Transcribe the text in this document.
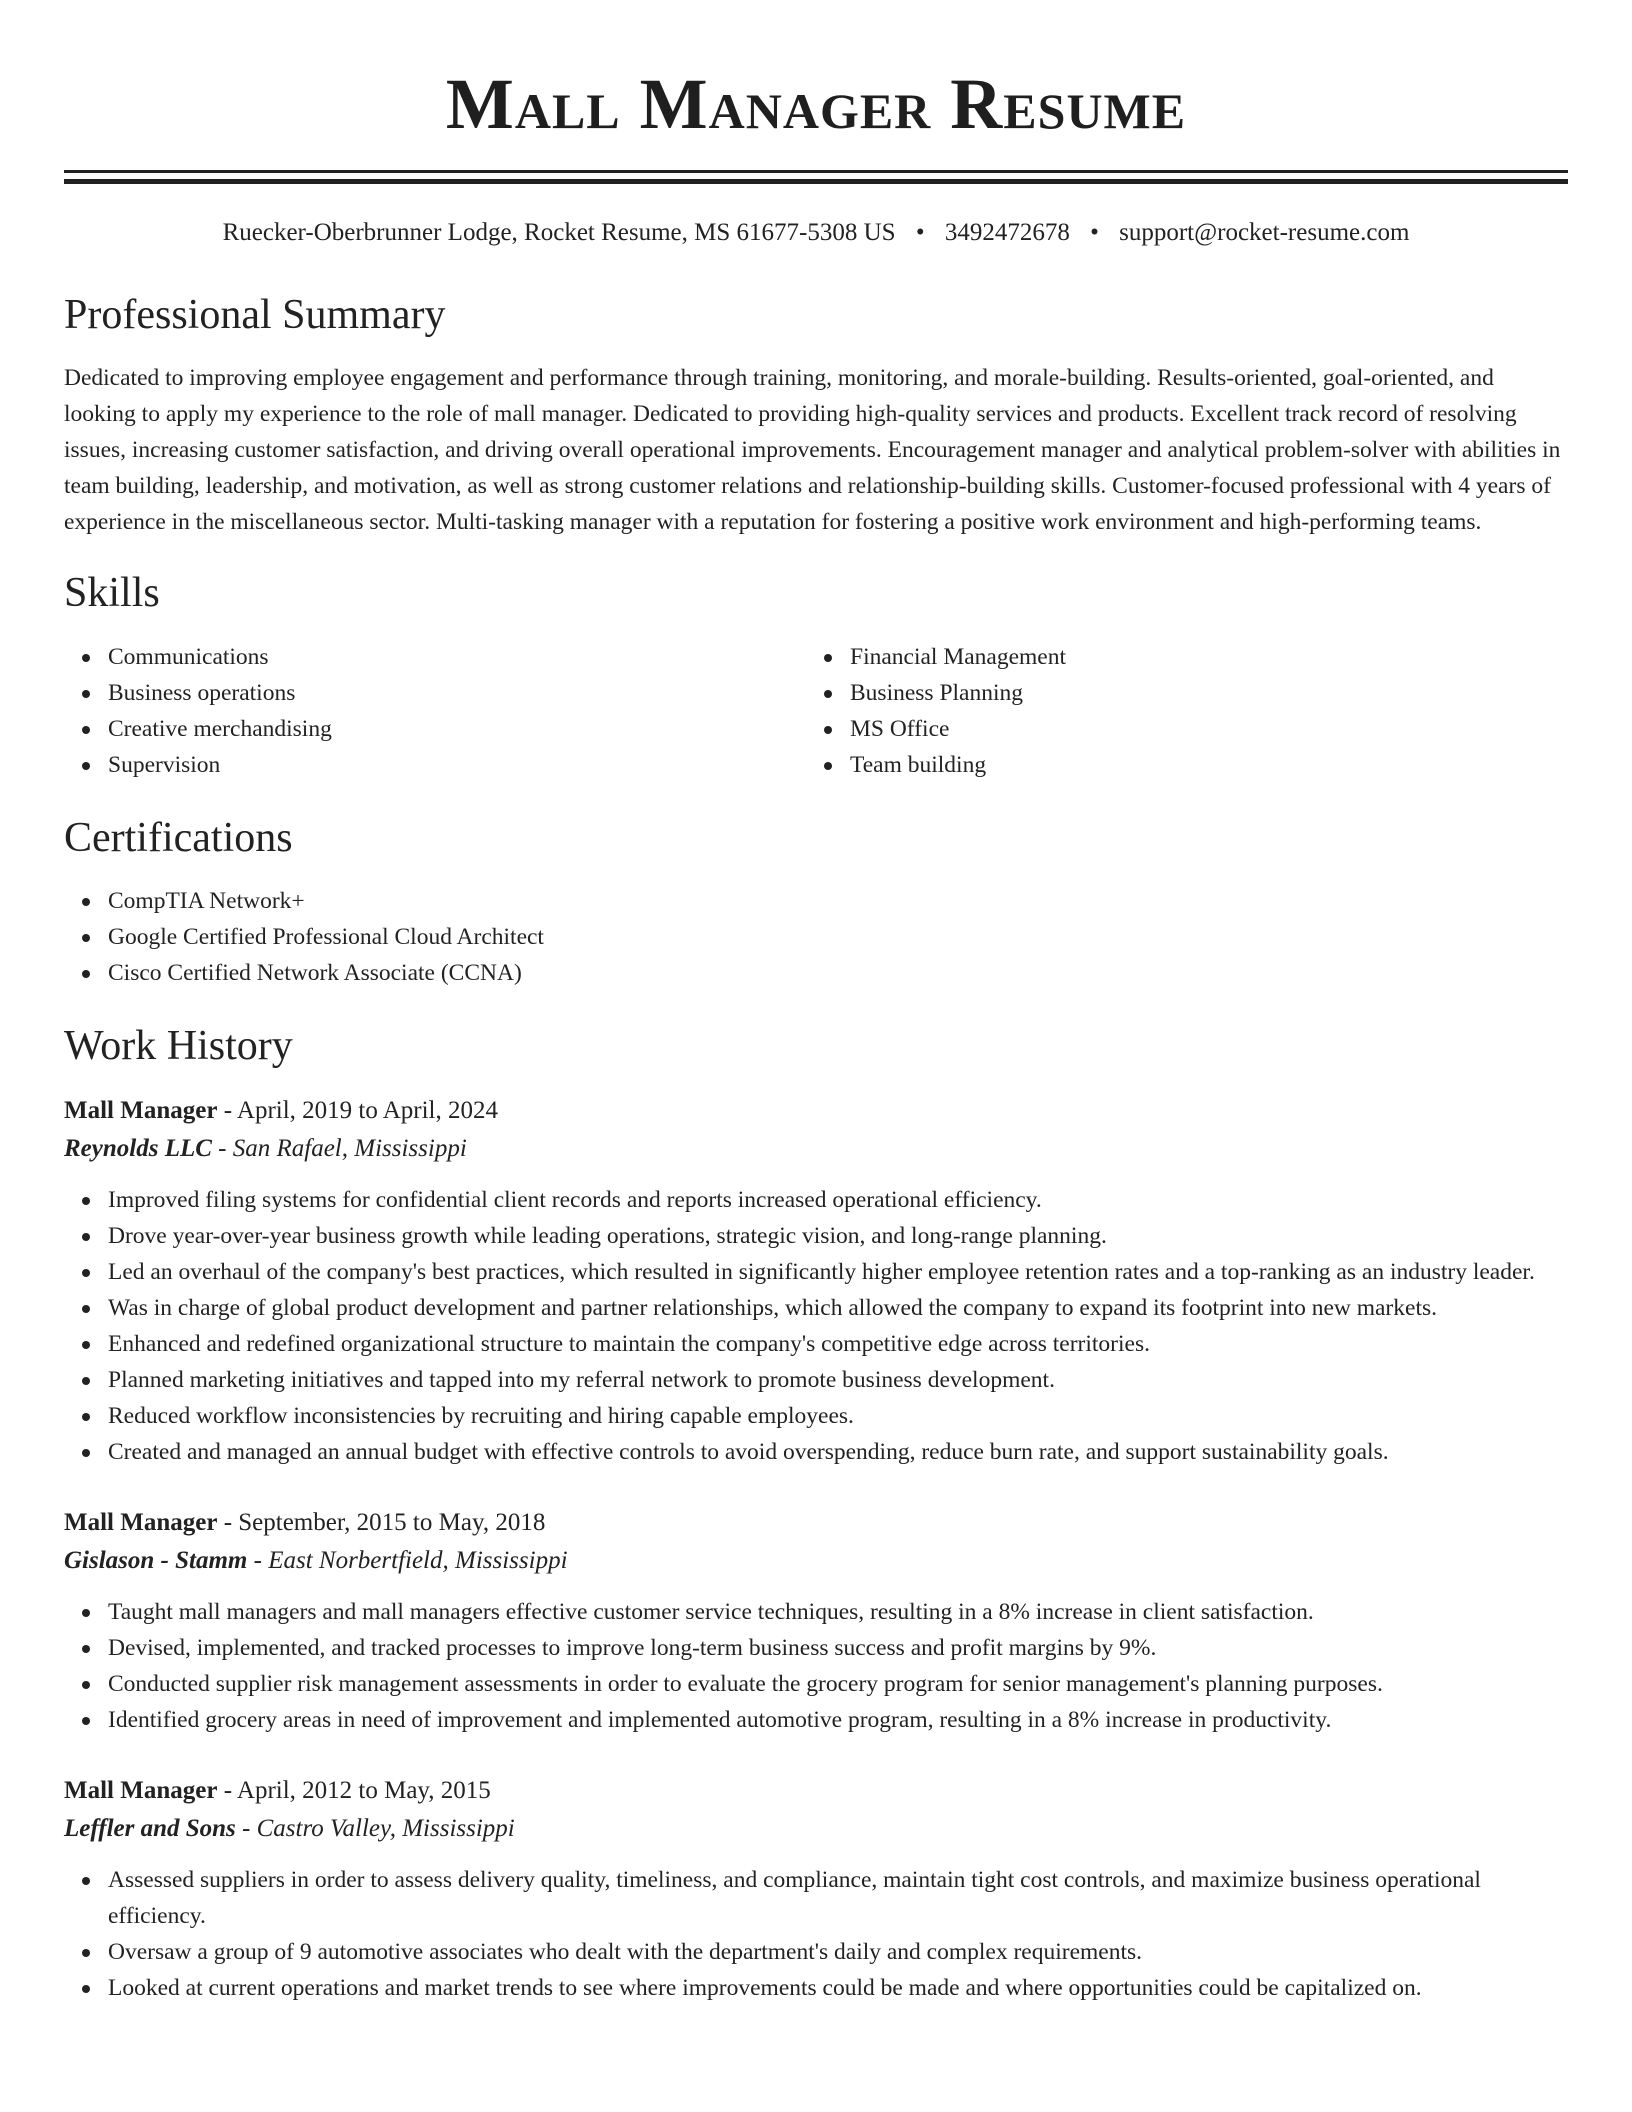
Mall Manager Resume
Ruecker-Oberbrunner Lodge, Rocket Resume, MS 61677-5308 US • 3492472678 • support@rocket-resume.com
Professional Summary
Dedicated to improving employee engagement and performance through training, monitoring, and morale-building. Results-oriented, goal-oriented, and looking to apply my experience to the role of mall manager. Dedicated to providing high-quality services and products. Excellent track record of resolving issues, increasing customer satisfaction, and driving overall operational improvements. Encouragement manager and analytical problem-solver with abilities in team building, leadership, and motivation, as well as strong customer relations and relationship-building skills. Customer-focused professional with 4 years of experience in the miscellaneous sector. Multi-tasking manager with a reputation for fostering a positive work environment and high-performing teams.
Skills
Communications
Business operations
Creative merchandising
Supervision
Financial Management
Business Planning
MS Office
Team building
Certifications
CompTIA Network+
Google Certified Professional Cloud Architect
Cisco Certified Network Associate (CCNA)
Work History
Mall Manager - April, 2019 to April, 2024
Reynolds LLC - San Rafael, Mississippi
Improved filing systems for confidential client records and reports increased operational efficiency.
Drove year-over-year business growth while leading operations, strategic vision, and long-range planning.
Led an overhaul of the company's best practices, which resulted in significantly higher employee retention rates and a top-ranking as an industry leader.
Was in charge of global product development and partner relationships, which allowed the company to expand its footprint into new markets.
Enhanced and redefined organizational structure to maintain the company's competitive edge across territories.
Planned marketing initiatives and tapped into my referral network to promote business development.
Reduced workflow inconsistencies by recruiting and hiring capable employees.
Created and managed an annual budget with effective controls to avoid overspending, reduce burn rate, and support sustainability goals.
Mall Manager - September, 2015 to May, 2018
Gislason - Stamm - East Norbertfield, Mississippi
Taught mall managers and mall managers effective customer service techniques, resulting in a 8% increase in client satisfaction.
Devised, implemented, and tracked processes to improve long-term business success and profit margins by 9%.
Conducted supplier risk management assessments in order to evaluate the grocery program for senior management's planning purposes.
Identified grocery areas in need of improvement and implemented automotive program, resulting in a 8% increase in productivity.
Mall Manager - April, 2012 to May, 2015
Leffler and Sons - Castro Valley, Mississippi
Assessed suppliers in order to assess delivery quality, timeliness, and compliance, maintain tight cost controls, and maximize business operational efficiency.
Oversaw a group of 9 automotive associates who dealt with the department's daily and complex requirements.
Looked at current operations and market trends to see where improvements could be made and where opportunities could be capitalized on.
